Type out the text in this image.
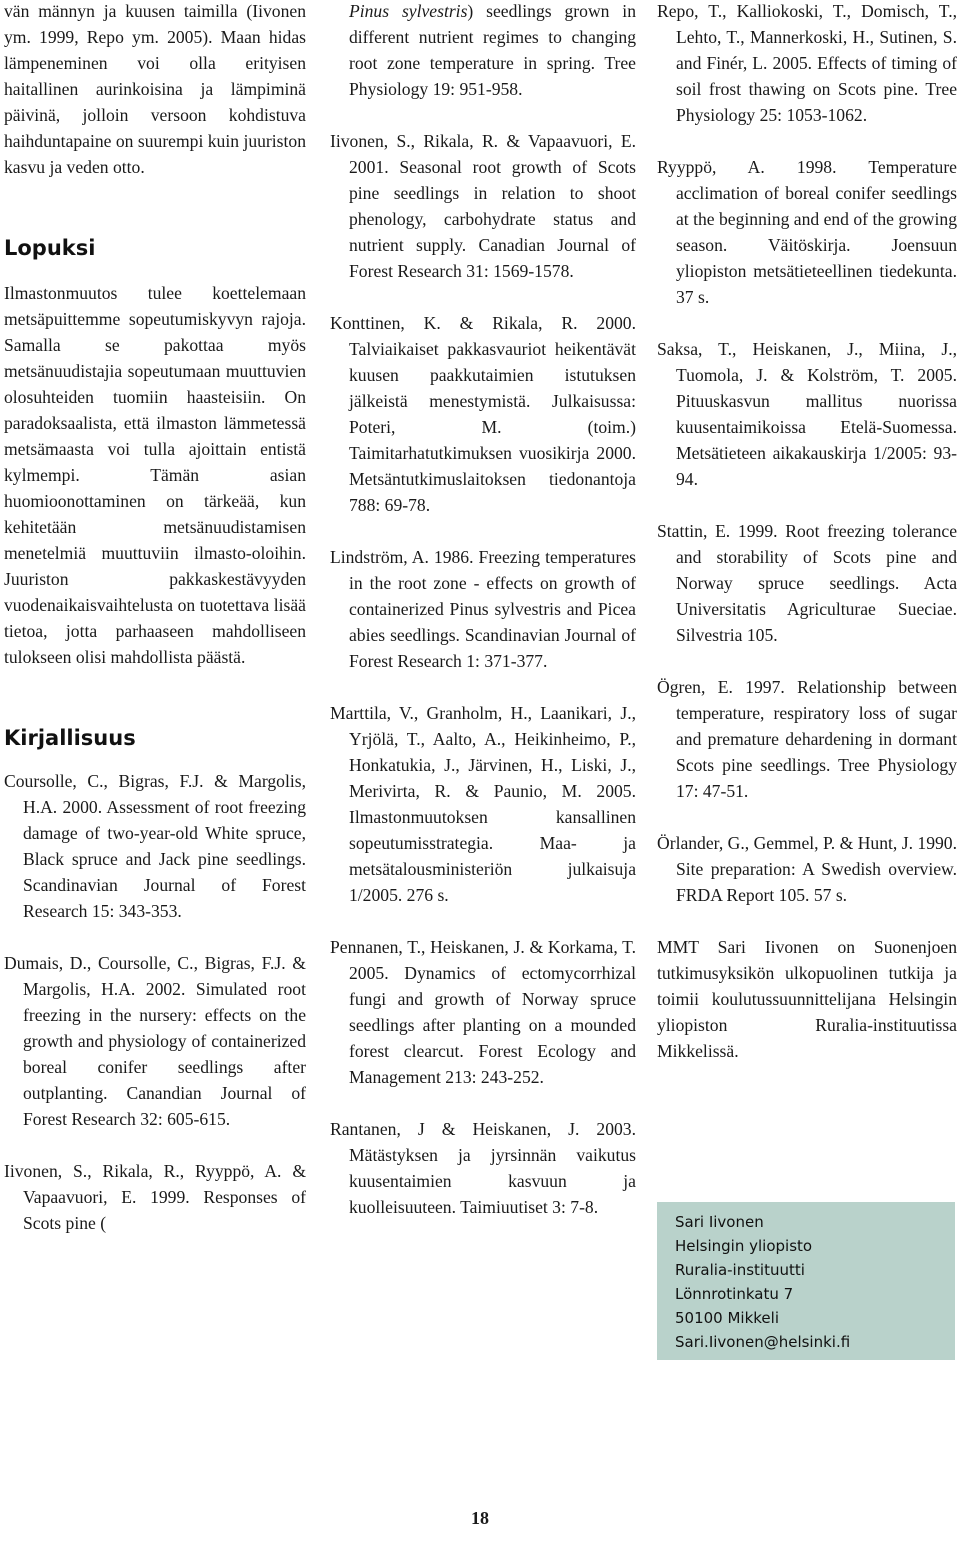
vän männyn ja kuusen taimilla (Iivonen ym. 1999, Repo ym. 2005). Maan hidas lämpeneminen voi olla erityisen haitallinen aurinkoisina ja lämpiminä päivinä, jolloin versoon kohdistuva haihduntapaine on suurempi kuin juuriston kasvu ja veden otto.

Lopuksi

Ilmastonmuutos tulee koettelemaan metsäpuittemme sopeutumiskyvyn rajoja. Samalla se pakottaa myös metsänuudistajia sopeutumaan muuttuvien olosuhteiden tuomiin haasteisiin. On paradoksaalista, että ilmaston lämmetessä metsämaasta voi tulla ajoittain entistä kylmempi. Tämän asian huomioonottaminen on tärkeää, kun kehitetään metsänuudistamisen menetelmiä muuttuviin ilmasto-oloihin. Juuriston pakkaskestävyyden vuodenaikaisvaihtelusta on tuotettava lisää tietoa, jotta parhaaseen mahdolliseen tulokseen olisi mahdollista päästä.

Kirjallisuus

Coursolle, C., Bigras, F.J. & Margolis, H.A. 2000. Assessment of root freezing damage of two-year-old White spruce, Black spruce and Jack pine seedlings. Scandinavian Journal of Forest Research 15: 343-353.

Dumais, D., Coursolle, C., Bigras, F.J. & Margolis, H.A. 2002. Simulated root freezing in the nursery: effects on the growth and physiology of containerized boreal conifer seedlings after outplanting. Canandian Journal of Forest Research 32: 605-615.

Iivonen, S., Rikala, R., Ryyppö, A. & Vapaavuori, E. 1999. Responses of Scots pine (

Pinus sylvestris) seedlings grown in different nutrient regimes to changing root zone temperature in spring. Tree Physiology 19: 951-958.

Iivonen, S., Rikala, R. & Vapaavuori, E. 2001. Seasonal root growth of Scots pine seedlings in relation to shoot phenology, carbohydrate status and nutrient supply. Canadian Journal of Forest Research 31: 1569-1578.

Konttinen, K. & Rikala, R. 2000. Talviaikaiset pakkasvauriot heikentävät kuusen paakkutaimien istutuksen jälkeistä menestymistä. Julkaisussa: Poteri, M. (toim.) Taimitarhatutkimuksen vuosikirja 2000. Metsäntutkimuslaitoksen tiedonantoja 788: 69-78.

Lindström, A. 1986. Freezing temperatures in the root zone - effects on growth of containerized Pinus sylvestris and Picea abies seedlings. Scandinavian Journal of Forest Research 1: 371-377.

Marttila, V., Granholm, H., Laanikari, J., Yrjölä, T., Aalto, A., Heikinheimo, P., Honkatukia, J., Järvinen, H., Liski, J., Merivirta, R. & Paunio, M. 2005. Ilmastonmuutoksen kansallinen sopeutumisstrategia. Maa- ja metsätalousministeriön julkaisuja 1/2005. 276 s.

Pennanen, T., Heiskanen, J. & Korkama, T. 2005. Dynamics of ectomycorrhizal fungi and growth of Norway spruce seedlings after planting on a mounded forest clearcut. Forest Ecology and Management 213: 243-252.

Rantanen, J & Heiskanen, J. 2003. Mätästyksen ja jyrsinnän vaikutus kuusentaimien kasvuun ja kuolleisuuteen. Taimiuutiset 3: 7-8.

Repo, T., Kalliokoski, T., Domisch, T., Lehto, T., Mannerkoski, H., Sutinen, S. and Finér, L. 2005. Effects of timing of soil frost thawing on Scots pine. Tree Physiology 25: 1053-1062.

Ryyppö, A. 1998. Temperature acclimation of boreal conifer seedlings at the beginning and end of the growing season. Väitöskirja. Joensuun yliopiston metsätieteellinen tiedekunta. 37 s.

Saksa, T., Heiskanen, J., Miina, J., Tuomola, J. & Kolström, T. 2005. Pituuskasvun mallitus nuorissa kuusentaimikoissa Etelä-Suomessa. Metsätieteen aikakauskirja 1/2005: 93-94.

Stattin, E. 1999. Root freezing tolerance and storability of Scots pine and Norway spruce seedlings. Acta Universitatis Agriculturae Sueciae. Silvestria 105.

Ögren, E. 1997. Relationship between temperature, respiratory loss of sugar and premature dehardening in dormant Scots pine seedlings. Tree Physiology 17: 47-51.

Örlander, G., Gemmel, P. & Hunt, J. 1990. Site preparation: A Swedish overview. FRDA Report 105. 57 s.

MMT Sari Iivonen on Suonenjoen tutkimusyksikön ulkopuolinen tutkija ja toimii koulutussuunnittelijana Helsingin yliopiston Ruralia-instituutissa Mikkelissä.

Sari Iivonen
Helsingin yliopisto
Ruralia-instituutti
Lönnrotinkatu 7
50100 Mikkeli
Sari.Iivonen@helsinki.fi
18
